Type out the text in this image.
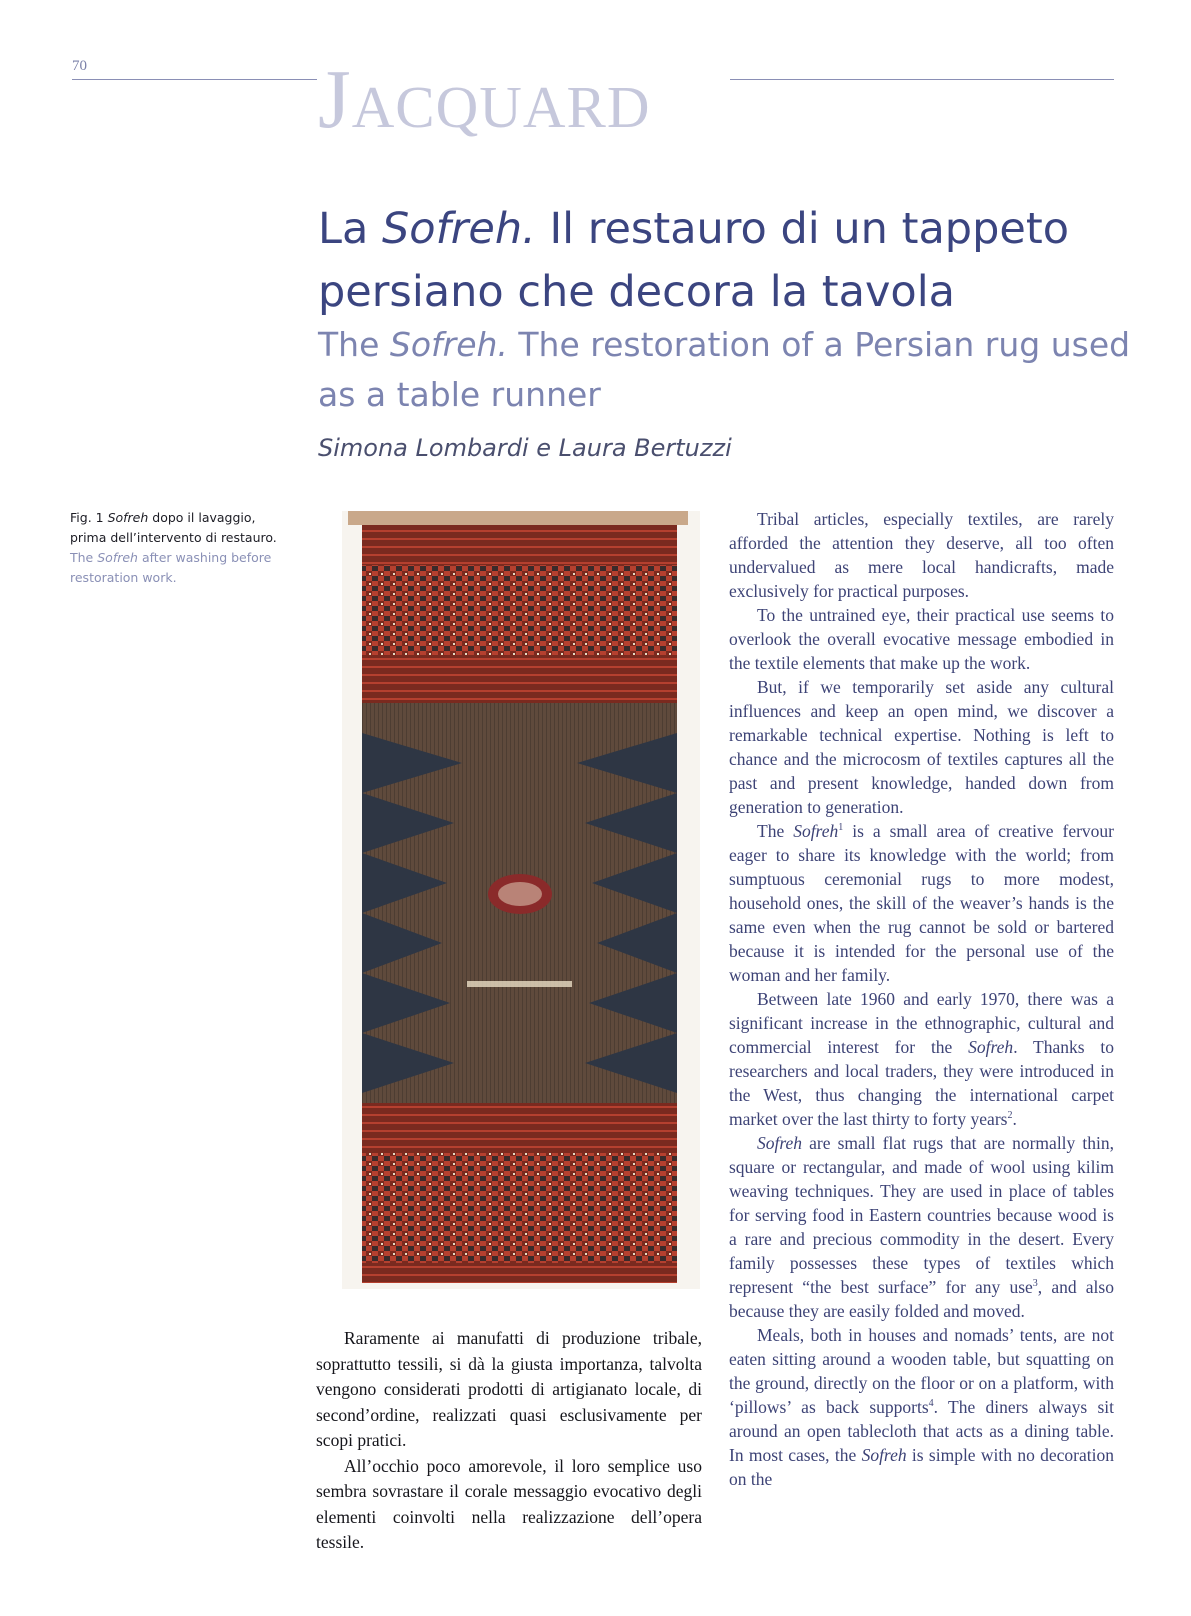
70	Jacquard
La Sofreh. Il restauro di un tappeto persiano che decora la tavola
The Sofreh. The restoration of a Persian rug used as a table runner
Simona Lombardi e Laura Bertuzzi
Fig. 1 Sofreh dopo il lavaggio, prima dell’intervento di restauro.
The Sofreh after washing before restoration work.

Raramente ai manufatti di produzione tribale, soprattutto tessili, si dà la giusta importanza, talvolta vengono considerati prodotti di artigianato locale, di second’ordine, realizzati quasi esclusivamente per scopi pratici.

All’occhio poco amorevole, il loro semplice uso sembra sovrastare il corale messaggio evocativo degli elementi coinvolti nella realizzazione dell’opera tessile.

Tribal articles, especially textiles, are rarely afforded the attention they deserve, all too often undervalued as mere local handicrafts, made exclusively for practical purposes.

To the untrained eye, their practical use seems to overlook the overall evocative message embodied in the textile elements that make up the work.

But, if we temporarily set aside any cultural influences and keep an open mind, we discover a remarkable technical expertise. Nothing is left to chance and the microcosm of textiles captures all the past and present knowledge, handed down from generation to generation.

The Sofreh$^1$ is a small area of creative fervour eager to share its knowledge with the world; from sumptuous ceremonial rugs to more modest, household ones, the skill of the weaver’s hands is the same even when the rug cannot be sold or bartered because it is intended for the personal use of the woman and her family.

Between late 1960 and early 1970, there was a significant increase in the ethnographic, cultural and commercial interest for the Sofreh. Thanks to researchers and local traders, they were introduced in the West, thus changing the international carpet market over the last thirty to forty years$^2$.

Sofreh are small flat rugs that are normally thin, square or rectangular, and made of wool using kilim weaving techniques. They are used in place of tables for serving food in Eastern countries because wood is a rare and precious commodity in the desert. Every family possesses these types of textiles which represent “the best surface” for any use$^3$, and also because they are easily folded and moved.

Meals, both in houses and nomads’ tents, are not eaten sitting around a wooden table, but squatting on the ground, directly on the floor or on a platform, with ‘pillows’ as back supports$^4$. The diners always sit around an open tablecloth that acts as a dining table. In most cases, the Sofreh is simple with no decoration on the
